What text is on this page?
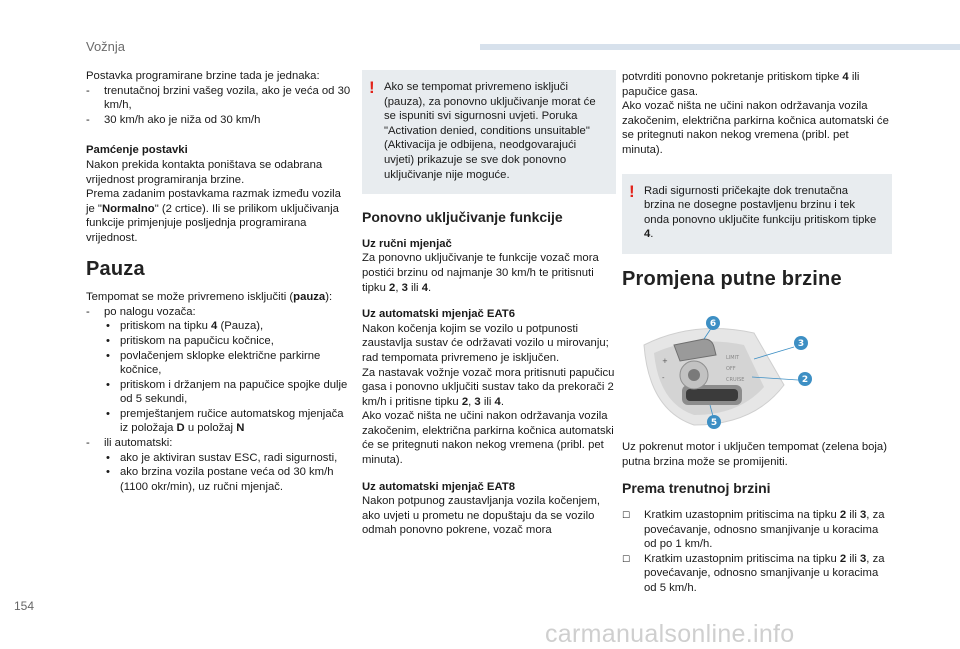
Vožnja

Postavka programirane brzine tada je jednaka:

- trenutačnoj brzini vašeg vozila, ako je veća od 30 km/h,
- 30 km/h ako je niža od 30 km/h

Pamćenje postavki
Nakon prekida kontakta poništava se odabrana vrijednost programiranja brzine.
Prema zadanim postavkama razmak između vozila je "Normalno" (2 crtice). Ili se prilikom uključivanja funkcije primjenjuje posljednja programirana vrijednost.

Pauza
Tempomat se može privremeno isključiti (pauza):
- po nalogu vozača:
• pritiskom na tipku 4 (Pauza),
• pritiskom na papučicu kočnice,
• povlačenjem sklopke električne parkirne kočnice,
• pritiskom i držanjem na papučice spojke dulje od 5 sekundi,
• premještanjem ručice automatskog mjenjača iz položaja D u položaj N
- ili automatski:
• ako je aktiviran sustav ESC, radi sigurnosti,
• ako brzina vozila postane veća od 30 km/h (1100 okr/min), uz ručni mjenjač.
! Ako se tempomat privremeno isključi (pauza), za ponovno uključivanje morat će se ispuniti svi sigurnosni uvjeti. Poruka "Activation denied, conditions unsuitable" (Aktivacija je odbijena, neodgovarajući uvjeti) prikazuje se sve dok ponovno uključivanje nije moguće.
Ponovno uključivanje funkcije

Uz ručni mjenjač
Za ponovno uključivanje te funkcije vozač mora postići brzinu od najmanje 30 km/h te pritisnuti tipku 2, 3 ili 4.

Uz automatski mjenjač EAT6
Nakon kočenja kojim se vozilo u potpunosti zaustavlja sustav će održavati vozilo u mirovanju; rad tempomata privremeno je isključen.
Za nastavak vožnje vozač mora pritisnuti papučicu gasa i ponovno uključiti sustav tako da prekorači 2 km/h i pritisne tipku 2, 3 ili 4.
Ako vozač ništa ne učini nakon održavanja vozila zakočenim, električna parkirna kočnica automatski će se pritegnuti nakon nekog vremena (pribl. pet minuta).

Uz automatski mjenjač EAT8
Nakon potpunog zaustavljanja vozila kočenjem, ako uvjeti u prometu ne dopuštaju da se vozilo odmah ponovno pokrene, vozač mora

potvrditi ponovno pokretanje pritiskom tipke 4 ili papučice gasa.
Ako vozač ništa ne učini nakon održavanja vozila zakočenim, električna parkirna kočnica automatski će se pritegnuti nakon nekog vremena (pribl. pet minuta).

! Radi sigurnosti pričekajte dok trenutačna brzina ne dosegne postavljenu brzinu i tek onda ponovno uključite funkciju pritiskom tipke 4.
Promjena putne brzine
+
-
LIMIT
OFF
CRUISE
6
3
2
5

Uz pokrenut motor i uključen tempomat (zelena boja) putna brzina može se promijeniti.

Prema trenutnoj brzini
☐ Kratkim uzastopnim pritiscima na tipku 2 ili 3, za povećavanje, odnosno smanjivanje u koracima od po 1 km/h.
☐ Kratkim uzastopnim pritiscima na tipku 2 ili 3, za povećavanje, odnosno smanjivanje u koracima od 5 km/h.
154
carmanualsonline.info
